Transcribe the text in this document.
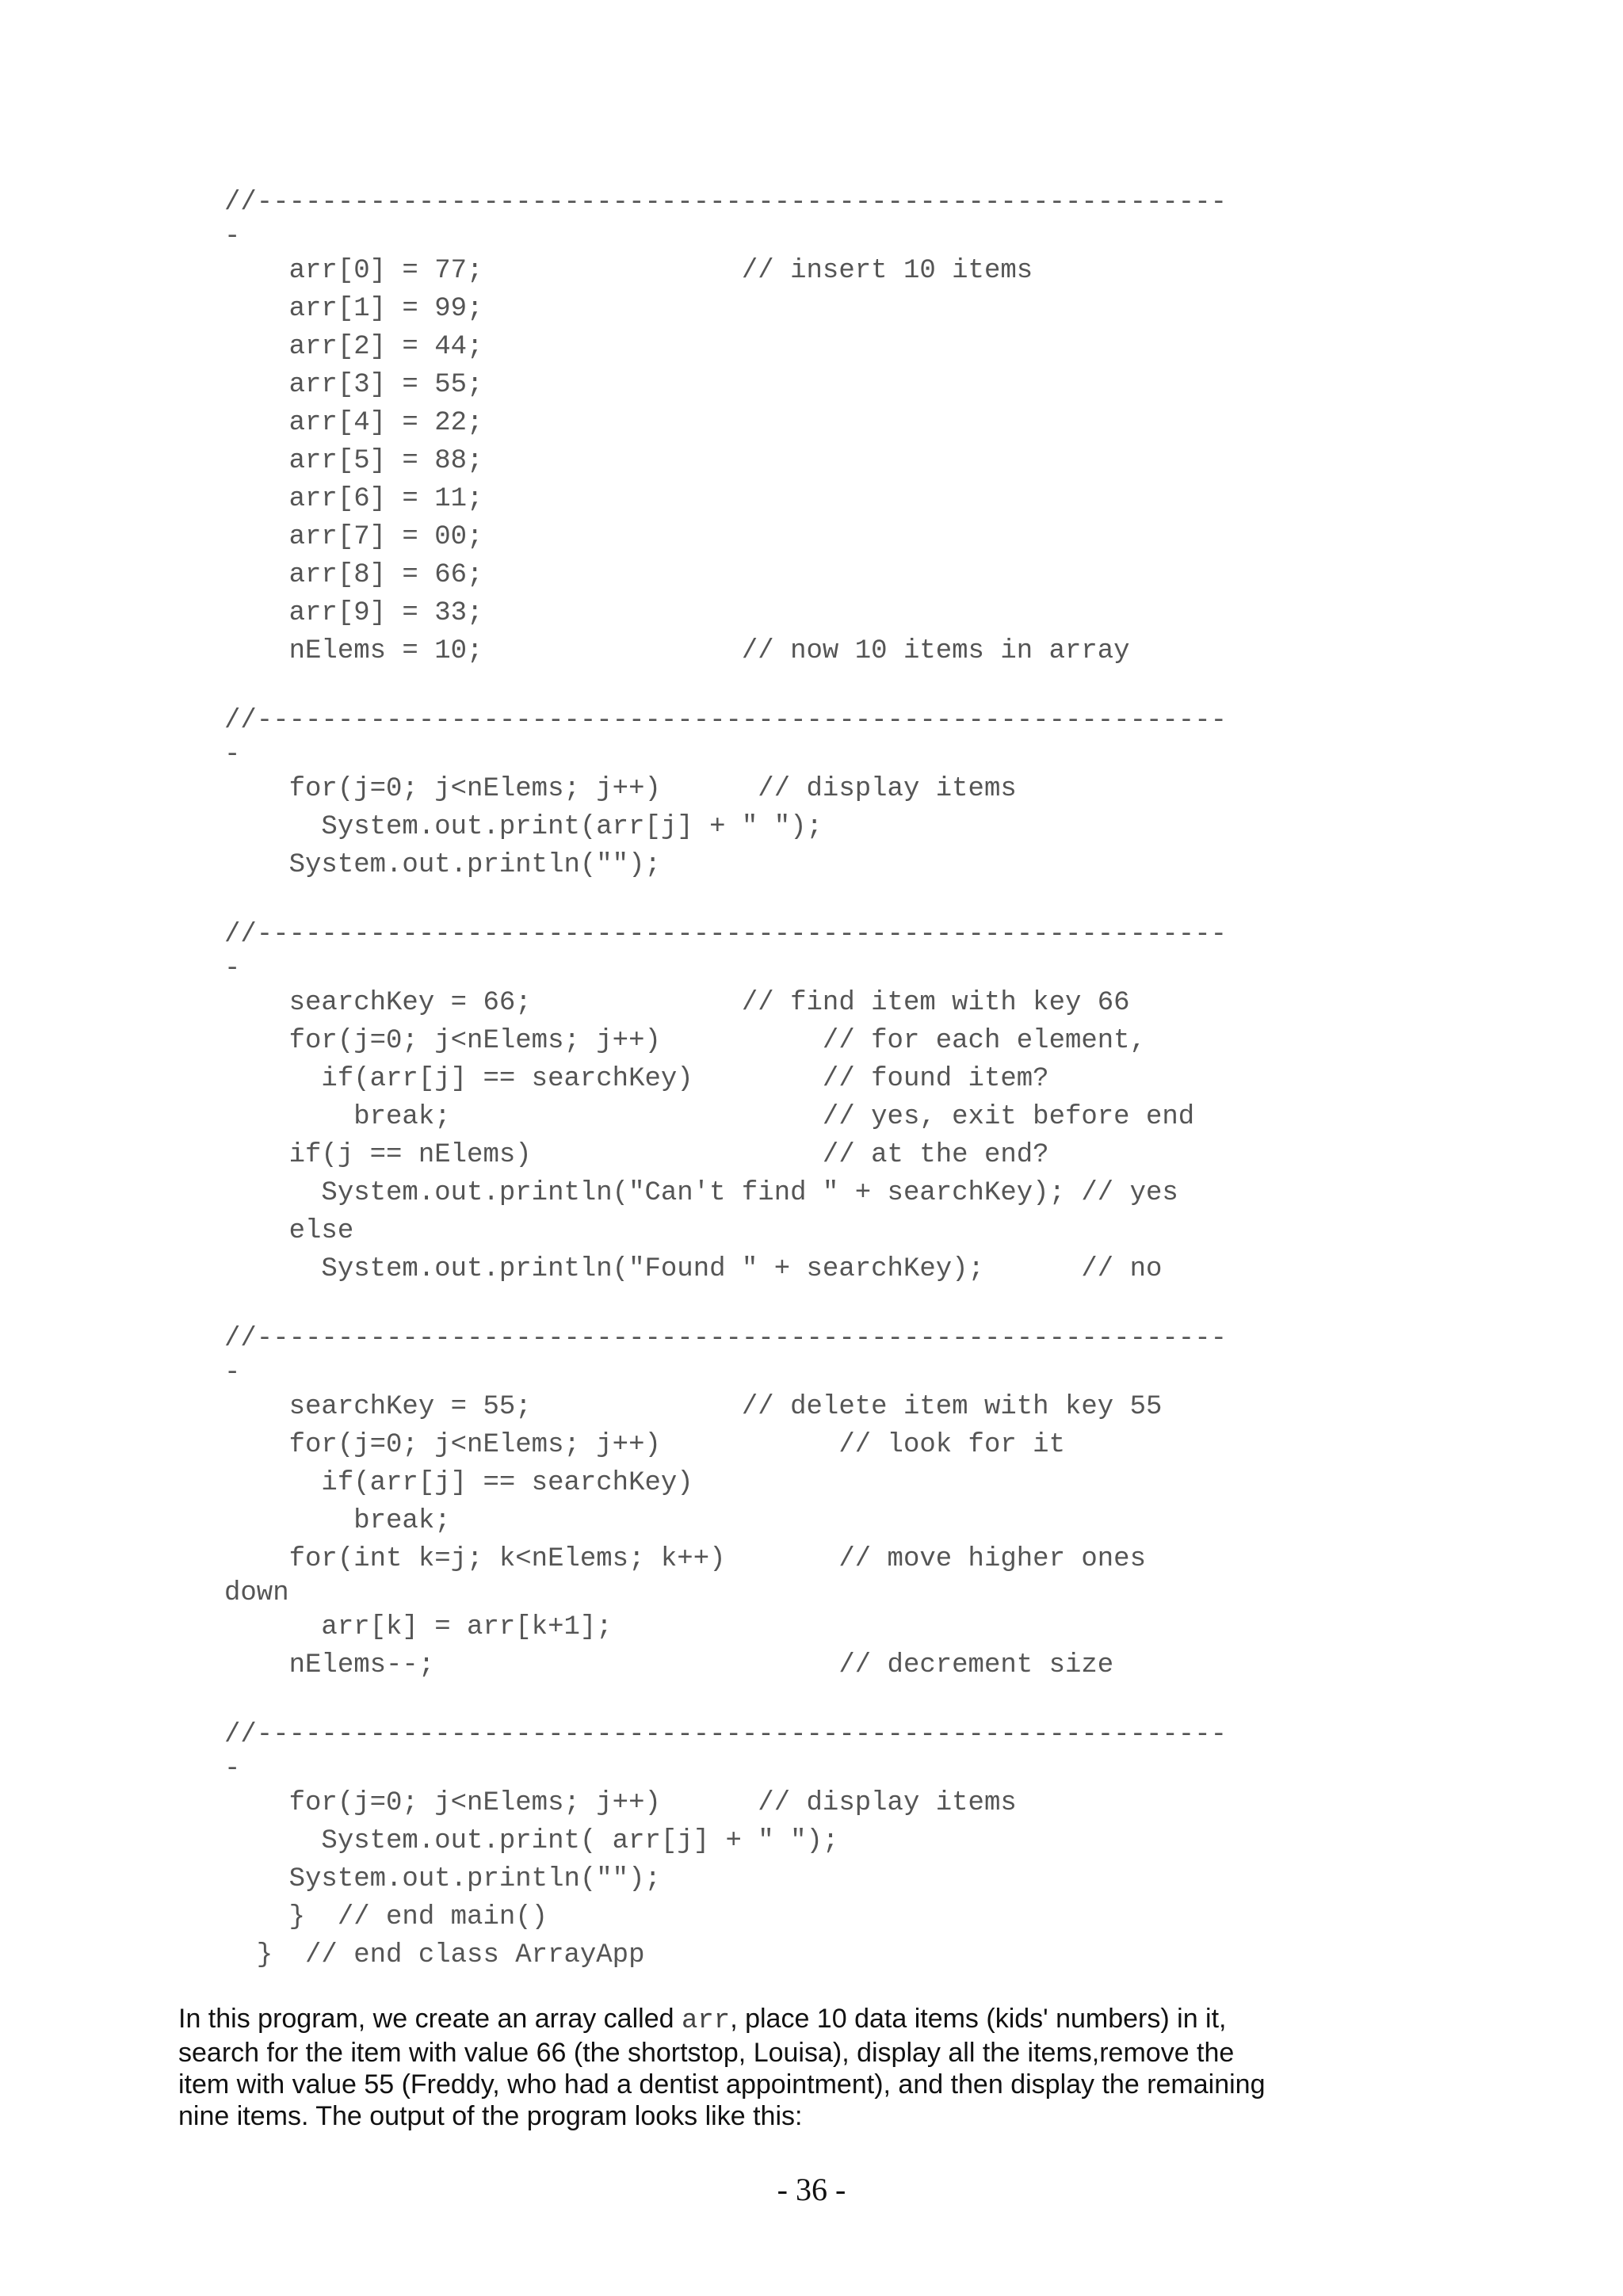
//------------------------------------------------------------
-
arr[0] = 77;                // insert 10 items
arr[1] = 99;
arr[2] = 44;
arr[3] = 55;
arr[4] = 22;
arr[5] = 88;
arr[6] = 11;
arr[7] = 00;
arr[8] = 66;
arr[9] = 33;
nElems = 10;                // now 10 items in array
//------------------------------------------------------------
-
for(j=0; j<nElems; j++)      // display items
System.out.print(arr[j] + " ");
System.out.println("");
//------------------------------------------------------------
-
searchKey = 66;             // find item with key 66
for(j=0; j<nElems; j++)          // for each element,
if(arr[j] == searchKey)        // found item?
break;                       // yes, exit before end
if(j == nElems)                  // at the end?
System.out.println("Can't find " + searchKey); // yes
else
System.out.println("Found " + searchKey);      // no
//------------------------------------------------------------
-
searchKey = 55;             // delete item with key 55
for(j=0; j<nElems; j++)           // look for it
if(arr[j] == searchKey)
break;
for(int k=j; k<nElems; k++)       // move higher ones
down
arr[k] = arr[k+1];
nElems--;                         // decrement size
//------------------------------------------------------------
-
for(j=0; j<nElems; j++)      // display items
System.out.print( arr[j] + " ");
System.out.println("");
}  // end main()
}  // end class ArrayApp

In this program, we create an array called arr, place 10 data items (kids' numbers) in it, search for the item with value 66 (the shortstop, Louisa), display all the items,remove the item with value 55 (Freddy, who had a dentist appointment), and then display the remaining nine items. The output of the program looks like this:

- 36 -
